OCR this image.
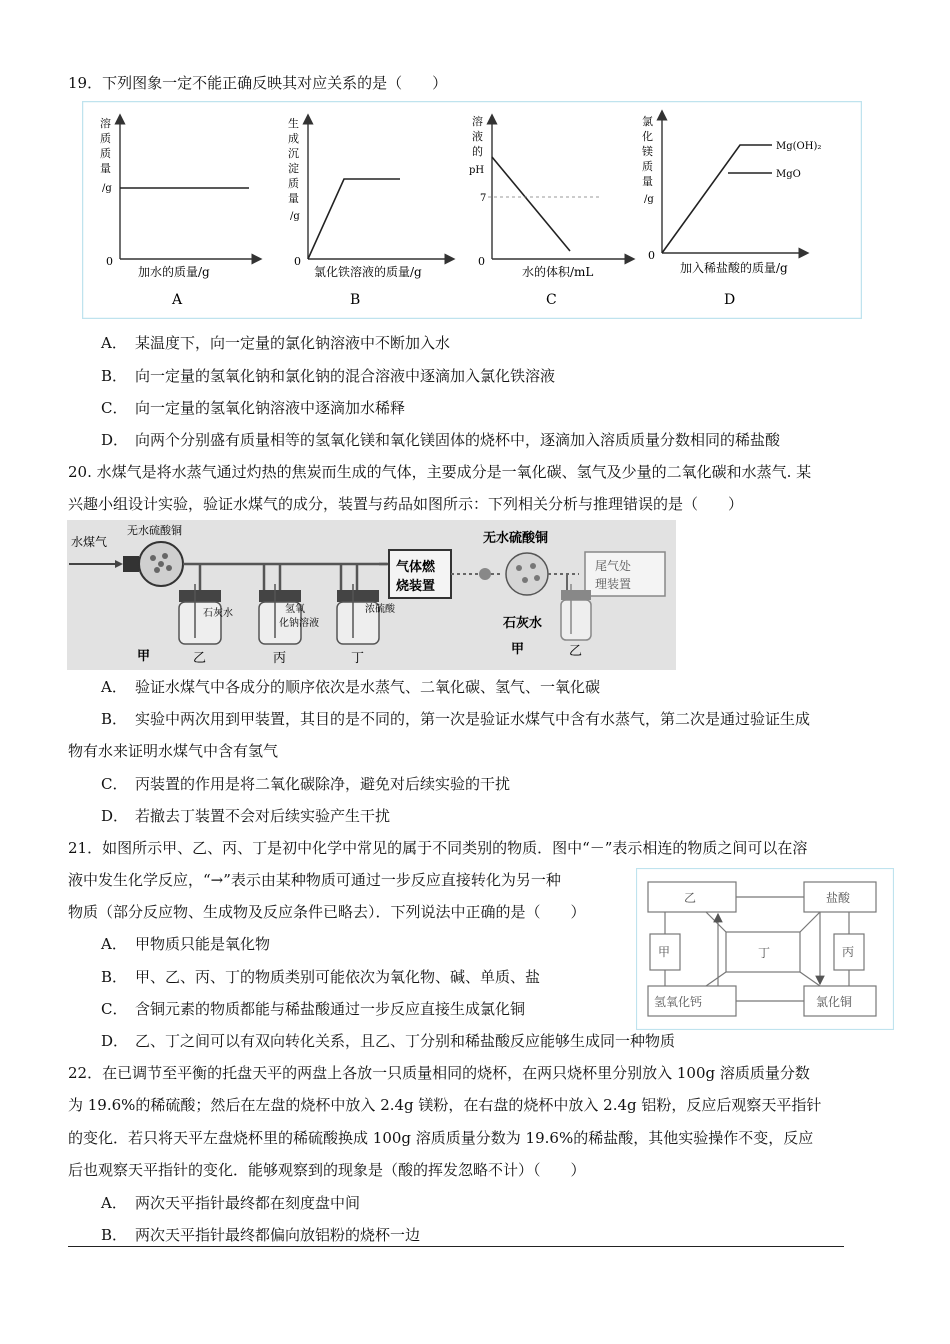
19．下列图象一定不能正确反映其对应关系的是（　　）
溶
质
质
量
/g
0
加水的质量/g
A
生
成
沉
淀
质
量
/g
0
氯化铁溶液的质量/g
B
溶
液
的
pH
7
0
水的体积/mL
C
Mg(OH)₂
MgO
氯
化
镁
质
量
/g
0
加入稀盐酸的质量/g
D
A． 某温度下，向一定量的氯化钠溶液中不断加入水
B． 向一定量的氢氧化钠和氯化钠的混合溶液中逐滴加入氯化铁溶液
C． 向一定量的氢氧化钠溶液中逐滴加水稀释
D． 向两个分别盛有质量相等的氢氧化镁和氧化镁固体的烧杯中，逐滴加入溶质质量分数相同的稀盐酸
20. 水煤气是将水蒸气通过灼热的焦炭而生成的气体，主要成分是一氧化碳、氢气及少量的二氧化碳和水蒸气. 某
兴趣小组设计实验，验证水煤气的成分，装置与药品如图所示：下列相关分析与推理错误的是（　　）
水煤气
无水硫酸铜
石灰水	氢氧
化钠溶液
浓硫酸
气体燃
烧装置
无水硫酸铜
尾气处
理装置
石灰水
甲	乙	丙	丁
甲	乙
A． 验证水煤气中各成分的顺序依次是水蒸气、二氧化碳、氢气、一氧化碳
B． 实验中两次用到甲装置，其目的是不同的，第一次是验证水煤气中含有水蒸气，第二次是通过验证生成
物有水来证明水煤气中含有氢气
C． 丙装置的作用是将二氧化碳除净，避免对后续实验的干扰
D． 若撤去丁装置不会对后续实验产生干扰
21．如图所示甲、乙、丙、丁是初中化学中常见的属于不同类别的物质．图中“－”表示相连的物质之间可以在溶
液中发生化学反应，“→”表示由某种物质可通过一步反应直接转化为另一种
物质（部分反应物、生成物及反应条件已略去）．下列说法中正确的是（　　）
乙	盐酸
甲	丁	丙
氢氧化钙	氯化铜
A． 甲物质只能是氧化物
B． 甲、乙、丙、丁的物质类别可能依次为氧化物、碱、单质、盐
C． 含铜元素的物质都能与稀盐酸通过一步反应直接生成氯化铜
D． 乙、丁之间可以有双向转化关系，且乙、丁分别和稀盐酸反应能够生成同一种物质
22．在已调节至平衡的托盘天平的两盘上各放一只质量相同的烧杯，在两只烧杯里分别放入 100g 溶质质量分数
为 19.6%的稀硫酸；然后在左盘的烧杯中放入 2.4g 镁粉，在右盘的烧杯中放入 2.4g 铝粉，反应后观察天平指针
的变化．若只将天平左盘烧杯里的稀硫酸换成 100g 溶质质量分数为 19.6%的稀盐酸，其他实验操作不变，反应
后也观察天平指针的变化．能够观察到的现象是（酸的挥发忽略不计）（　　）
A． 两次天平指针最终都在刻度盘中间
B． 两次天平指针最终都偏向放铝粉的烧杯一边
